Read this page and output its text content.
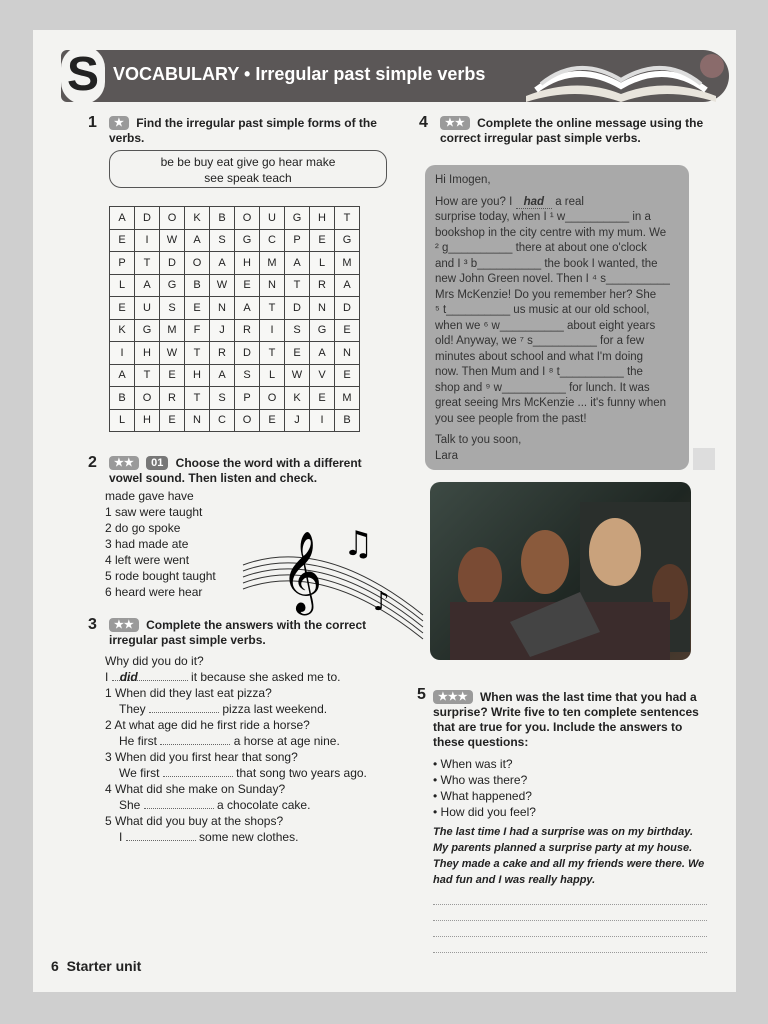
S VOCABULARY • Irregular past simple verbs
1	★ Find the irregular past simple forms of the verbs.
be be buy eat give go hear make
see speak teach
A	D	O	K	B	O	U	G	H	T
E	I	W	A	S	G	C	P	E	G
P	T	D	O	A	H	M	A	L	M
L	A	G	B	W	E	N	T	R	A
E	U	S	E	N	A	T	D	N	D
K	G	M	F	J	R	I	S	G	E
I	H	W	T	R	D	T	E	A	N
A	T	E	H	A	S	L	W	V	E
B	O	R	T	S	P	O	K	E	M
L	H	E	N	C	O	E	J	I	B
2	★★ 01 Choose the word with a different vowel sound. Then listen and check.
made gave have
1 saw were taught
2 do go spoke
3 had made ate
4 left were went
5 rode bought taught
6 heard were hear 𝄞 ♫
♪
3	★★ Complete the answers with the correct irregular past simple verbs.
Why did you do it?
I did	it because she asked me to.
1 When did they last eat pizza?
They	pizza last weekend.
2 At what age did he first ride a horse?
He first	a horse at age nine.
3 When did you first hear that song?
We first	that song two years ago.
4 What did she make on Sunday?
She	a chocolate cake.
5 What did you buy at the shops?
I	some new clothes.
4	★★ Complete the online message using the correct irregular past simple verbs.
Hi Imogen,
How are you? I had a real
surprise today, when I ¹ w__________ in a
bookshop in the city centre with my mum. We
² g__________ there at about one o'clock
and I ³ b__________ the book I wanted, the
new John Green novel. Then I ⁴ s__________
Mrs McKenzie! Do you remember her? She
⁵ t__________ us music at our old school,
when we ⁶ w__________ about eight years
old! Anyway, we ⁷ s__________ for a few
minutes about school and what I'm doing
now. Then Mum and I ⁸ t__________ the
shop and ⁹ w__________ for lunch. It was
great seeing Mrs McKenzie ... it's funny when
you see people from the past!
Talk to you soon,
Lara
5	★★★ When was the last time that you had a surprise? Write five to ten complete sentences that are true for you. Include the answers to these questions:
• When was it?
• Who was there?
• What happened?
• How did you feel?
The last time I had a surprise was on my birthday. My parents planned a surprise party at my house. They made a cake and all my friends were there. We had fun and I was really happy.
6 Starter unit
